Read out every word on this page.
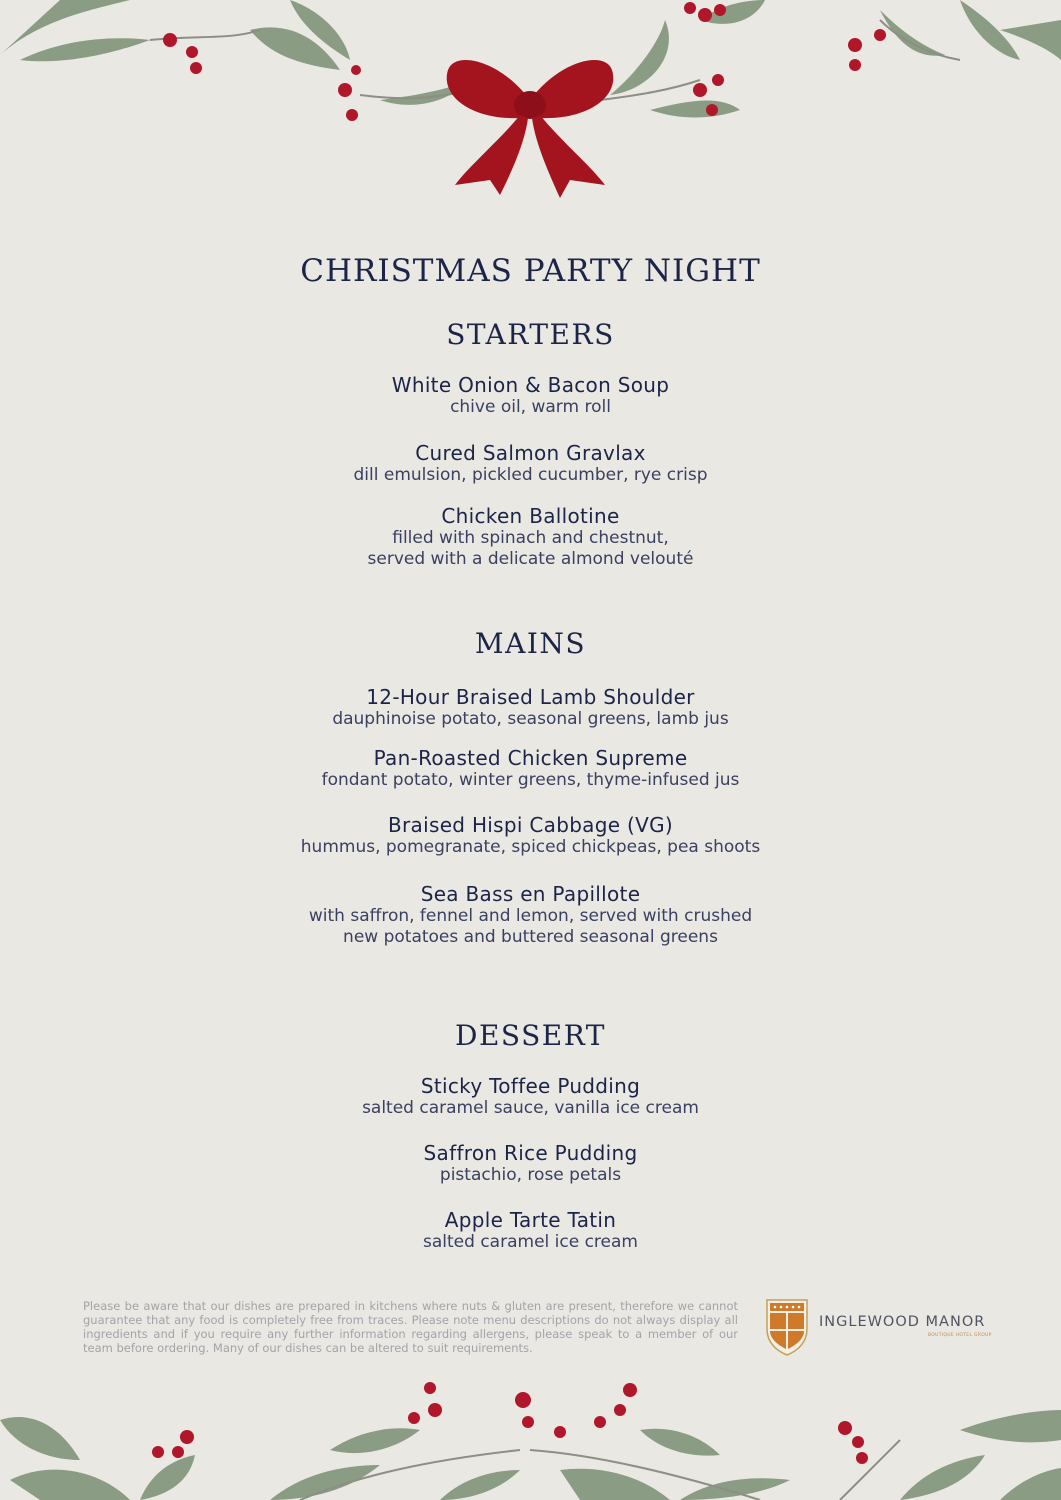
CHRISTMAS PARTY NIGHT
STARTERS
White Onion & Bacon Soup
chive oil, warm roll
Cured Salmon Gravlax
dill emulsion, pickled cucumber, rye crisp
Chicken Ballotine
filled with spinach and chestnut,
served with a delicate almond velouté
MAINS
12-Hour Braised Lamb Shoulder
dauphinoise potato, seasonal greens, lamb jus
Pan-Roasted Chicken Supreme
fondant potato, winter greens, thyme-infused jus
Braised Hispi Cabbage (VG)
hummus, pomegranate, spiced chickpeas, pea shoots
Sea Bass en Papillote
with saffron, fennel and lemon, served with crushed
new potatoes and buttered seasonal greens
DESSERT
Sticky Toffee Pudding
salted caramel sauce, vanilla ice cream
Saffron Rice Pudding
pistachio, rose petals
Apple Tarte Tatin
salted caramel ice cream
Please be aware that our dishes are prepared in kitchens where nuts & gluten are present, therefore we cannot guarantee that any food is completely free from traces. Please note menu descriptions do not always display all ingredients and if you require any further information regarding allergens, please speak to a member of our team before ordering. Many of our dishes can be altered to suit requirements.
INGLEWOOD MANOR
BOUTIQUE HOTEL GROUP
